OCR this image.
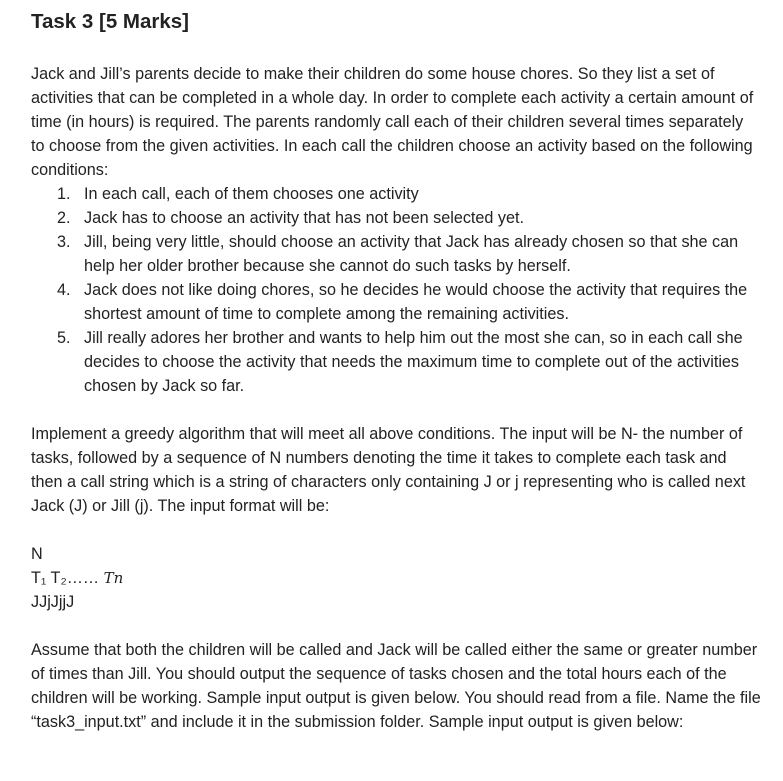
Task 3 [5 Marks]
Jack and Jill’s parents decide to make their children do some house chores. So they list a set of activities that can be completed in a whole day. In order to complete each activity a certain amount of time (in hours) is required. The parents randomly call each of their children several times separately to choose from the given activities. In each call the children choose an activity based on the following conditions:
1. In each call, each of them chooses one activity
2. Jack has to choose an activity that has not been selected yet.
3. Jill, being very little, should choose an activity that Jack has already chosen so that she can help her older brother because she cannot do such tasks by herself.
4. Jack does not like doing chores, so he decides he would choose the activity that requires the shortest amount of time to complete among the remaining activities.
5. Jill really adores her brother and wants to help him out the most she can, so in each call she decides to choose the activity that needs the maximum time to complete out of the activities chosen by Jack so far.
Implement a greedy algorithm that will meet all above conditions. The input will be N- the number of tasks, followed by a sequence of N numbers denoting the time it takes to complete each task and then a call string which is a string of characters only containing J or j representing who is called next Jack (J) or Jill (j). The input format will be:
N
T₁ T₂…… Tn
JJjJjjJ
Assume that both the children will be called and Jack will be called either the same or greater number of times than Jill. You should output the sequence of tasks chosen and the total hours each of the children will be working. Sample input output is given below. You should read from a file. Name the file “task3_input.txt” and include it in the submission folder. Sample input output is given below:
